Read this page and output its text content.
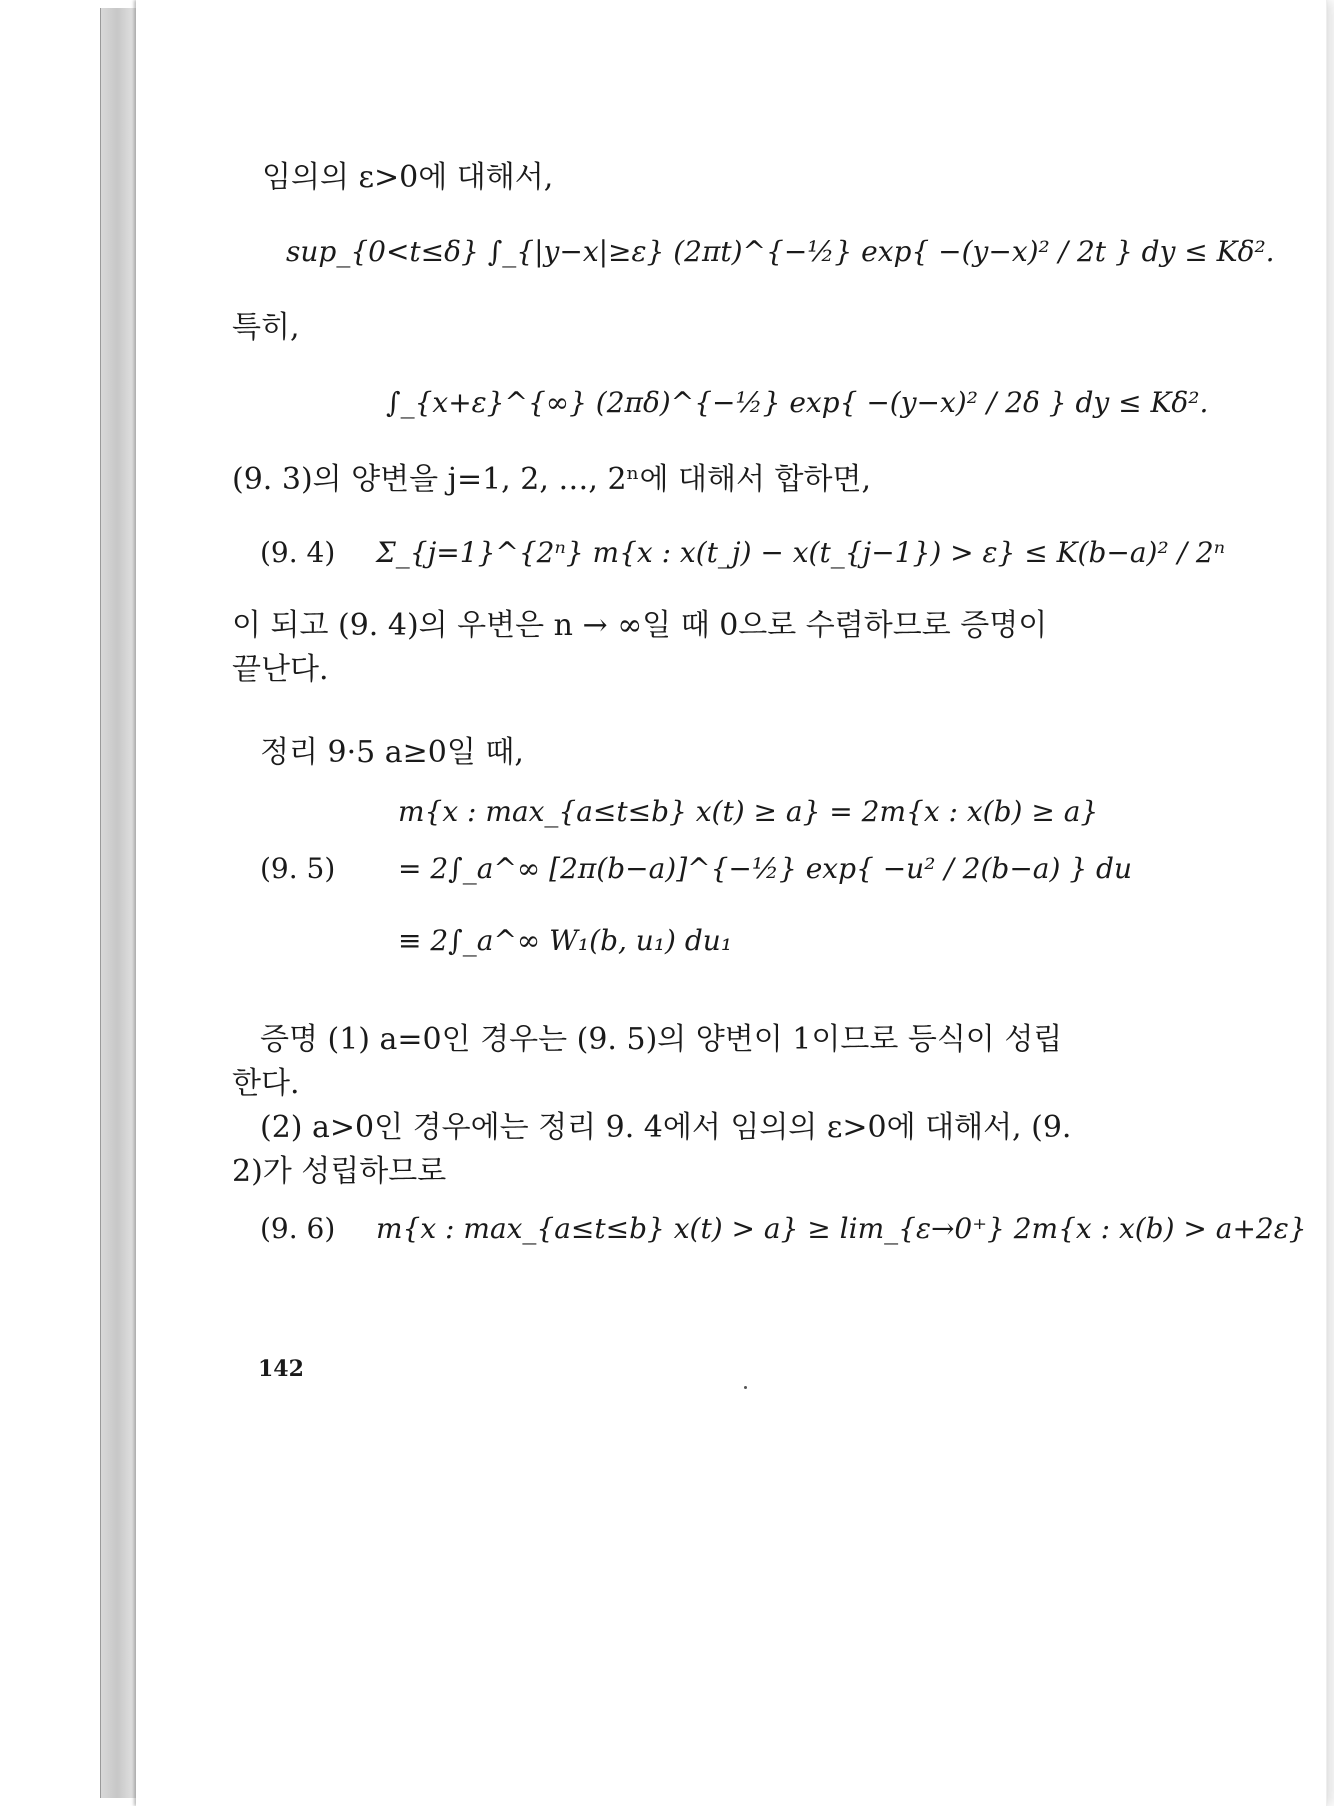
임의의 ε>0에 대해서,
sup_{0<t≤δ} ∫_{|y−x|≥ε} (2πt)^{−½} exp{ −(y−x)² / 2t } dy ≤ Kδ².
특히,
∫_{x+ε}^{∞} (2πδ)^{−½} exp{ −(y−x)² / 2δ } dy ≤ Kδ².
(9. 3)의 양변을 j=1, 2, …, 2ⁿ에 대해서 합하면,
(9. 4) Σ_{j=1}^{2ⁿ} m{x : x(t_j) − x(t_{j−1}) > ε} ≤ K(b−a)² / 2ⁿ
이 되고 (9. 4)의 우변은 n → ∞일 때 0으로 수렴하므로 증명이
끝난다.
정리 9·5 a≥0일 때,
m{x : max_{a≤t≤b} x(t) ≥ a} = 2m{x : x(b) ≥ a}
(9. 5) = 2∫_a^∞ [2π(b−a)]^{−½} exp{ −u² / 2(b−a) } du
≡ 2∫_a^∞ W₁(b, u₁) du₁
증명 (1) a=0인 경우는 (9. 5)의 양변이 1이므로 등식이 성립
한다.
(2) a>0인 경우에는 정리 9. 4에서 임의의 ε>0에 대해서, (9.
2)가 성립하므로
(9. 6) m{x : max_{a≤t≤b} x(t) > a} ≥ lim_{ε→0⁺} 2m{x : x(b) > a+2ε}
142
